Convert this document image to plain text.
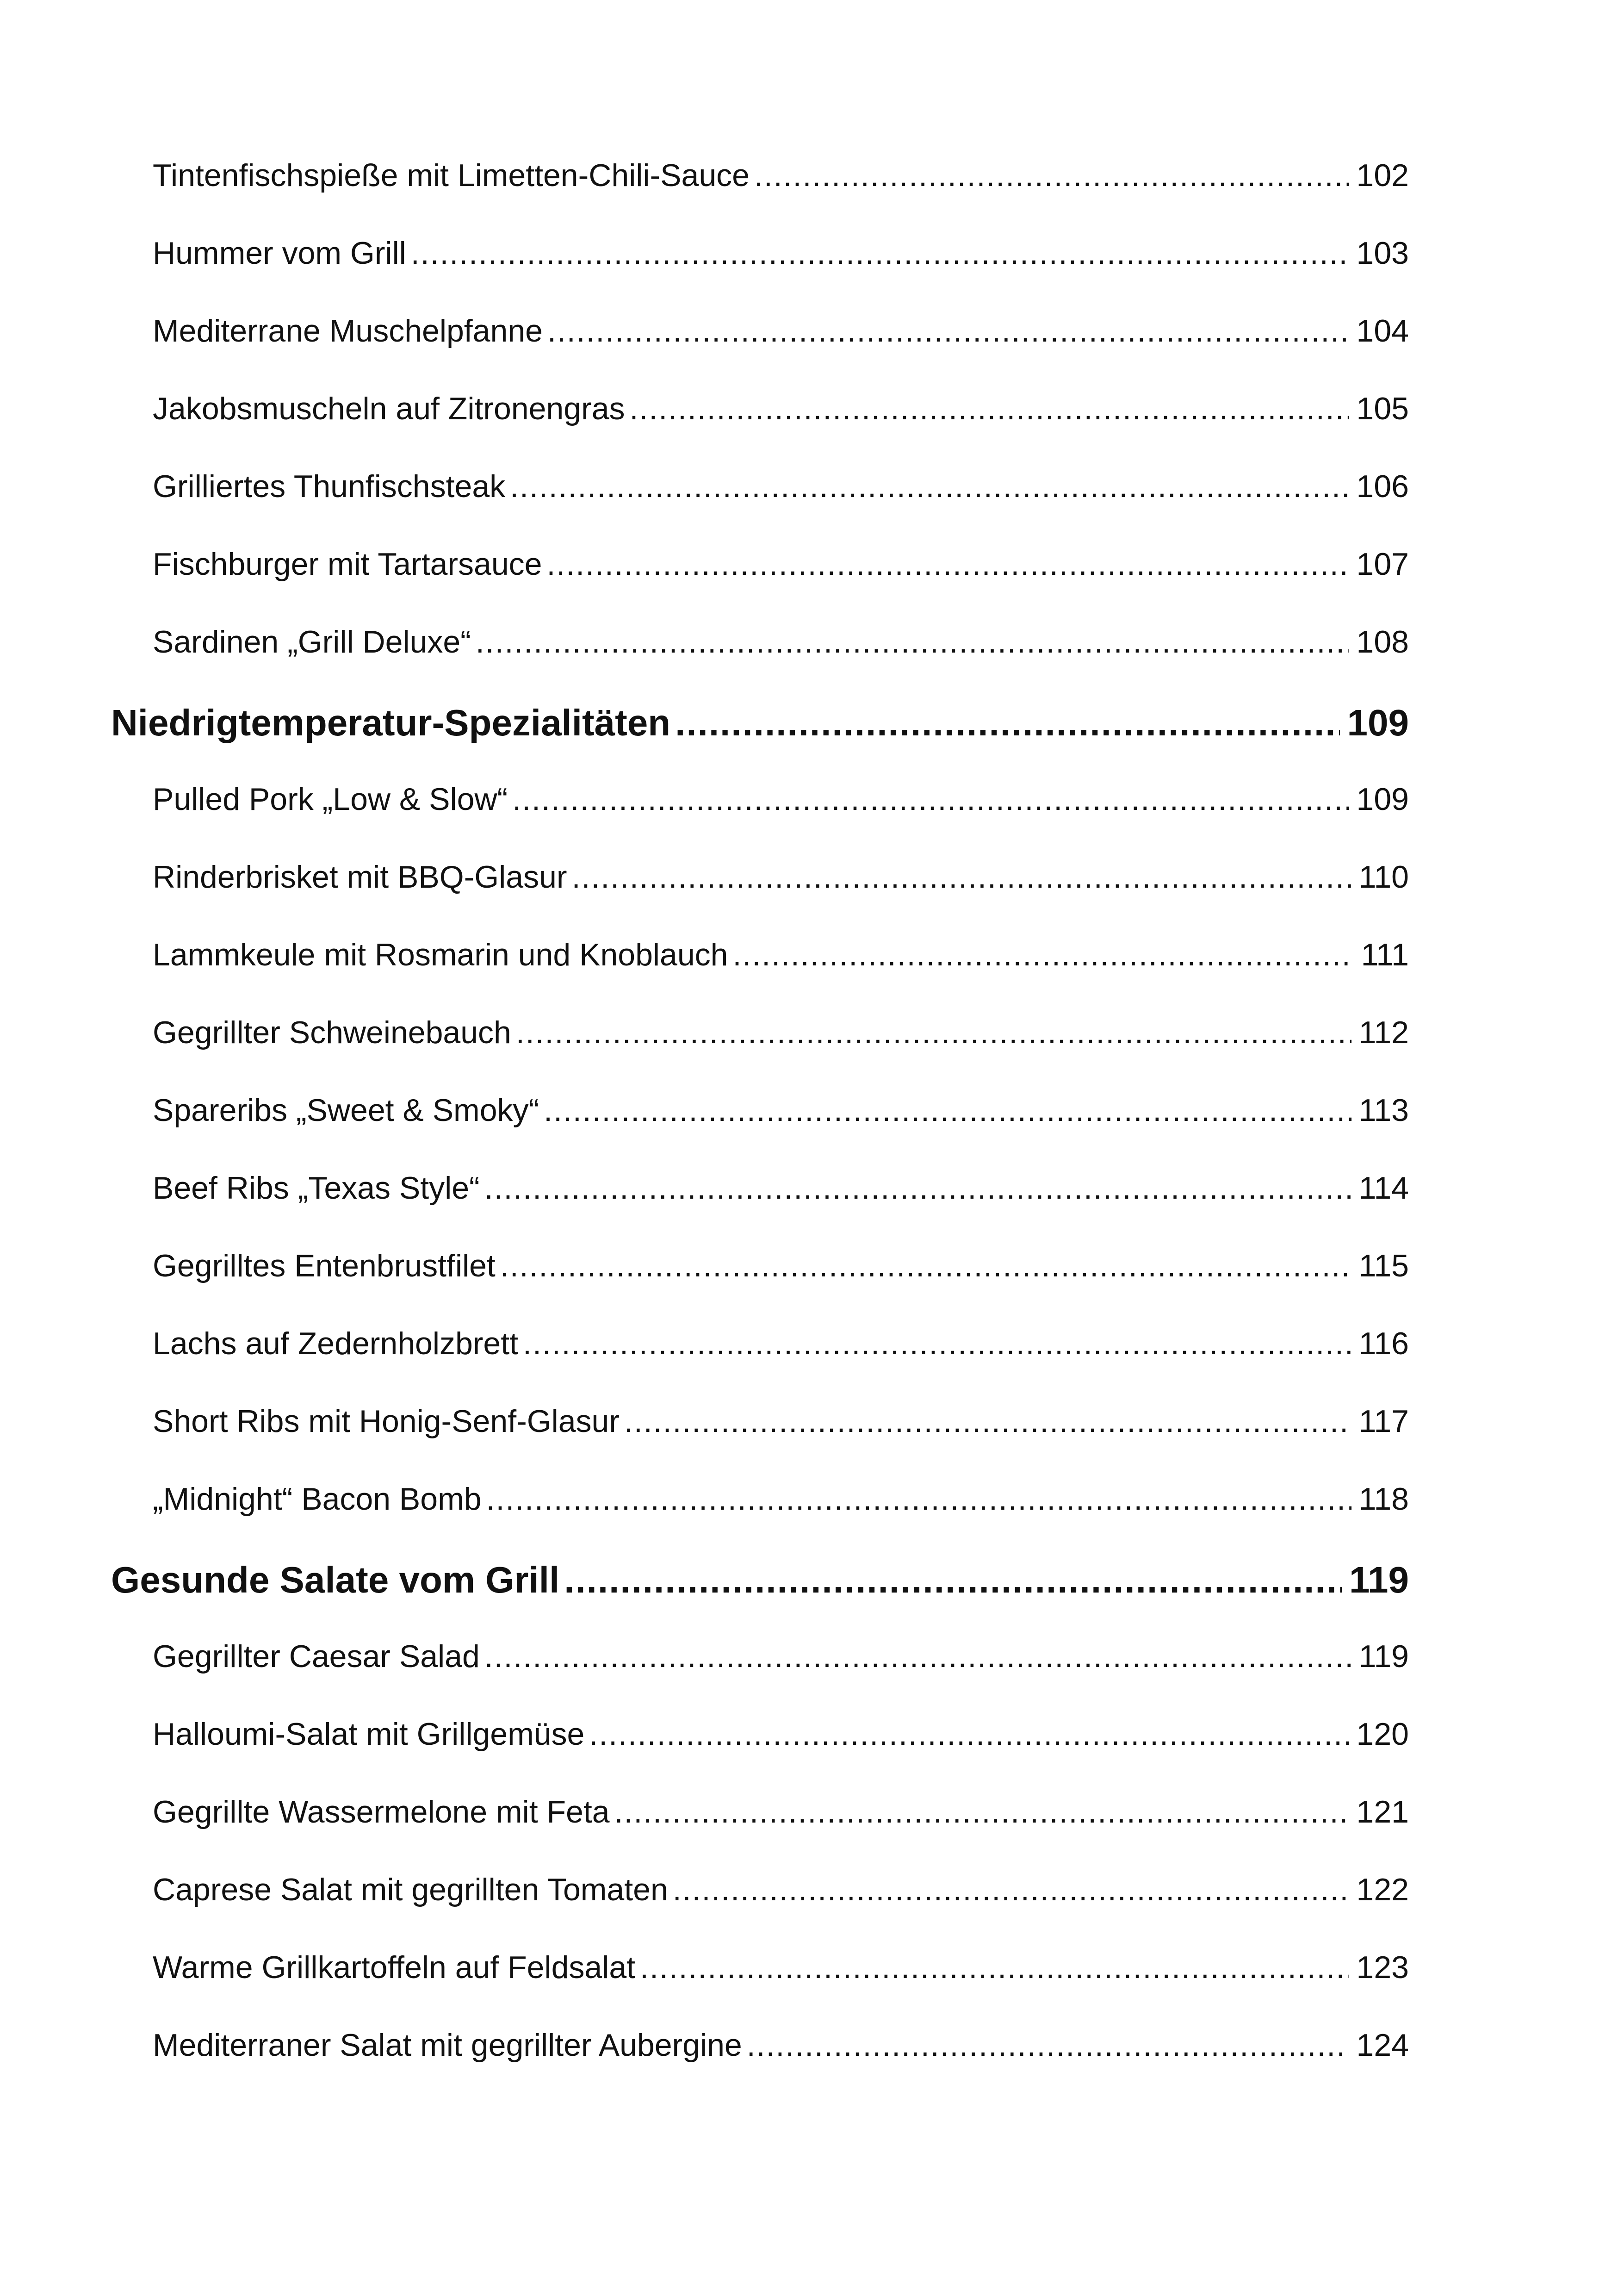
Tintenfischspieße mit Limetten-Chili-Sauce .....	102
Hummer vom Grill .....	103
Mediterrane Muschelpfanne .....	104
Jakobsmuscheln auf Zitronengras .....	105
Grilliertes Thunfischsteak .....	106
Fischburger mit Tartarsauce .....	107
Sardinen „Grill Deluxe“ .....	108
Niedrigtemperatur-Spezialitäten .....	109
Pulled Pork „Low & Slow“ .....	109
Rinderbrisket mit BBQ-Glasur .....	110
Lammkeule mit Rosmarin und Knoblauch .....	111
Gegrillter Schweinebauch .....	112
Spareribs „Sweet & Smoky“ .....	113
Beef Ribs „Texas Style“ .....	114
Gegrilltes Entenbrustfilet .....	115
Lachs auf Zedernholzbrett .....	116
Short Ribs mit Honig-Senf-Glasur .....	117
„Midnight“ Bacon Bomb .....	118
Gesunde Salate vom Grill .....	119
Gegrillter Caesar Salad .....	119
Halloumi-Salat mit Grillgemüse .....	120
Gegrillte Wassermelone mit Feta .....	121
Caprese Salat mit gegrillten Tomaten .....	122
Warme Grillkartoffeln auf Feldsalat .....	123
Mediterraner Salat mit gegrillter Aubergine .....	124
